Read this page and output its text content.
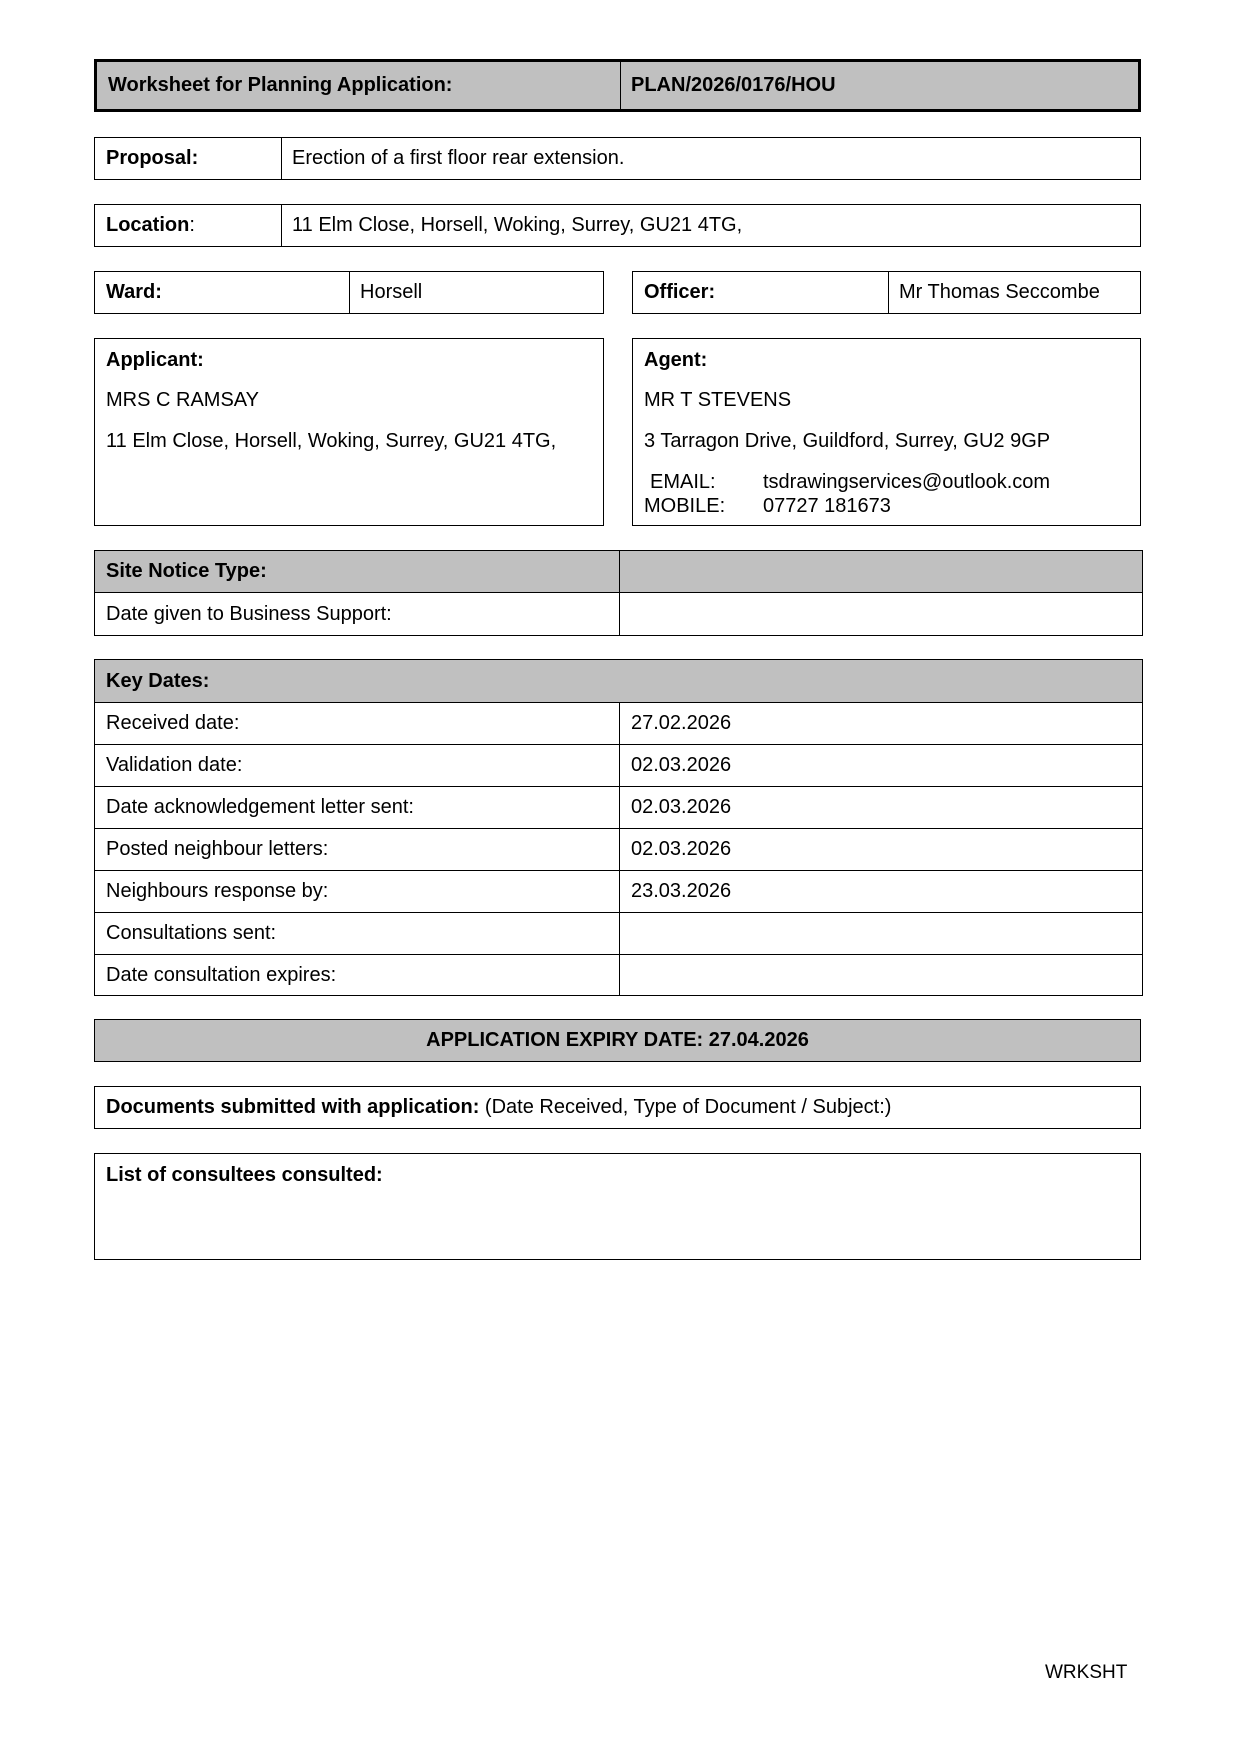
Worksheet for Planning Application:	PLAN/2026/0176/HOU
Proposal:	Erection of a first floor rear extension.
Location :	11 Elm Close, Horsell, Woking, Surrey, GU21 4TG,
Ward:	Horsell	Officer:	Mr Thomas Seccombe
Applicant:
MRS C RAMSAY
11 Elm Close, Horsell, Woking, Surrey, GU21 4TG,
Agent:
MR T STEVENS
3 Tarragon Drive, Guildford, Surrey, GU2 9GP
EMAIL: tsdrawingservices@outlook.com
MOBILE: 07727 181673
Site Notice Type:
Date given to Business Support:
Key Dates:
Received date:	27.02.2026
Validation date:	02.03.2026
Date acknowledgement letter sent:	02.03.2026
Posted neighbour letters:	02.03.2026
Neighbours response by:	23.03.2026
Consultations sent:
Date consultation expires:
APPLICATION EXPIRY DATE: 27.04.2026
Documents submitted with application:
(Date Received, Type of Document / Subject:)
List of consultees consulted:
WRKSHT
